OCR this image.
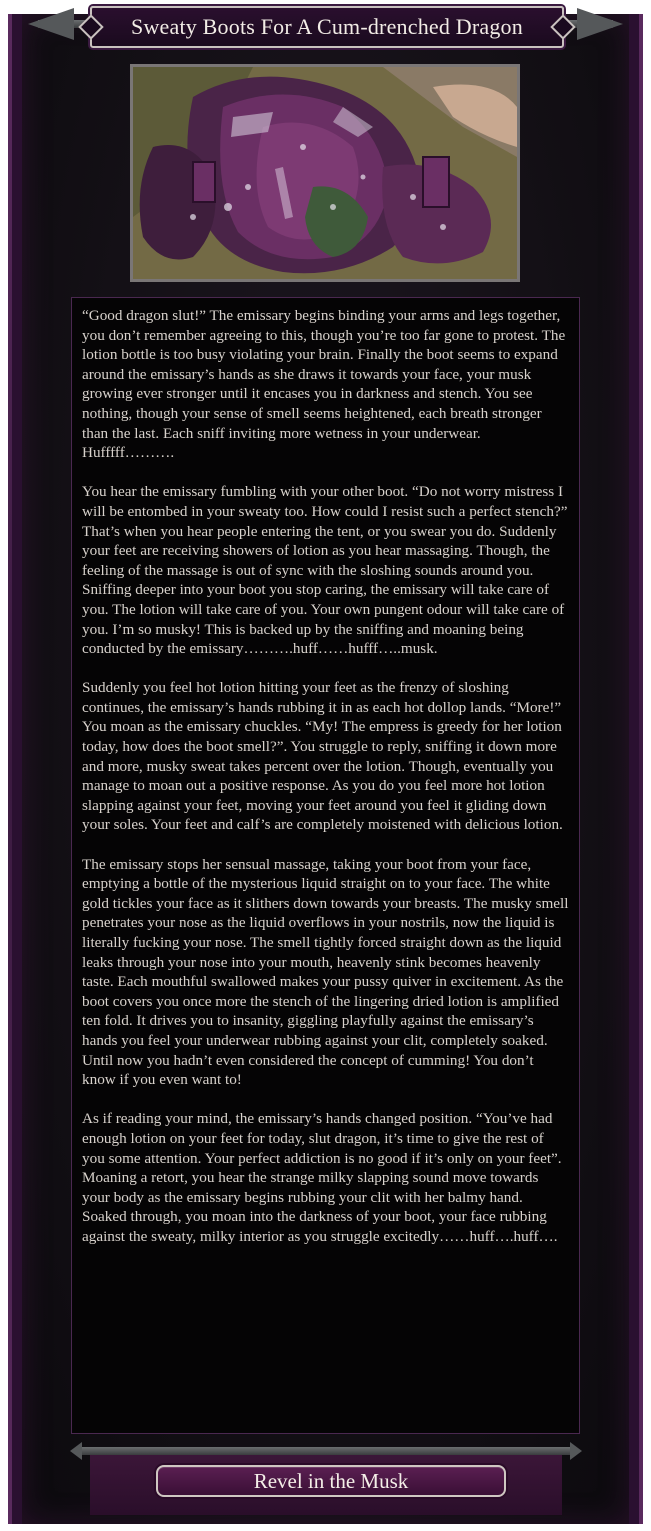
Sweaty Boots For A Cum-drenched Dragon

“Good dragon slut!” The emissary begins binding your arms and legs together, you don’t remember agreeing to this, though you’re too far gone to protest. The lotion bottle is too busy violating your brain. Finally the boot seems to expand around the emissary’s hands as she draws it towards your face, your musk growing ever stronger until it encases you in darkness and stench. You see nothing, though your sense of smell seems heightened, each breath stronger than the last. Each sniff inviting more wetness in your underwear. Hufffff……….

You hear the emissary fumbling with your other boot. “Do not worry mistress I will be entombed in your sweaty too. How could I resist such a perfect stench?” That’s when you hear people entering the tent, or you swear you do. Suddenly your feet are receiving showers of lotion as you hear massaging. Though, the feeling of the massage is out of sync with the sloshing sounds around you. Sniffing deeper into your boot you stop caring, the emissary will take care of you. The lotion will take care of you. Your own pungent odour will take care of you. I’m so musky! This is backed up by the sniffing and moaning being conducted by the emissary……….huff……hufff…..musk.

Suddenly you feel hot lotion hitting your feet as the frenzy of sloshing continues, the emissary’s hands rubbing it in as each hot dollop lands. “More!” You moan as the emissary chuckles. “My! The empress is greedy for her lotion today, how does the boot smell?”. You struggle to reply, sniffing it down more and more, musky sweat takes percent over the lotion. Though, eventually you manage to moan out a positive response. As you do you feel more hot lotion slapping against your feet, moving your feet around you feel it gliding down your soles. Your feet and calf’s are completely moistened with delicious lotion.

The emissary stops her sensual massage, taking your boot from your face, emptying a bottle of the mysterious liquid straight on to your face. The white gold tickles your face as it slithers down towards your breasts. The musky smell penetrates your nose as the liquid overflows in your nostrils, now the liquid is literally fucking your nose. The smell tightly forced straight down as the liquid leaks through your nose into your mouth, heavenly stink becomes heavenly taste. Each mouthful swallowed makes your pussy quiver in excitement. As the boot covers you once more the stench of the lingering dried lotion is amplified ten fold. It drives you to insanity, giggling playfully against the emissary’s hands you feel your underwear rubbing against your clit, completely soaked. Until now you hadn’t even considered the concept of cumming! You don’t know if you even want to!

As if reading your mind, the emissary’s hands changed position. “You’ve had enough lotion on your feet for today, slut dragon, it’s time to give the rest of you some attention. Your perfect addiction is no good if it’s only on your feet”. Moaning a retort, you hear the strange milky slapping sound move towards your body as the emissary begins rubbing your clit with her balmy hand. Soaked through, you moan into the darkness of your boot, your face rubbing against the sweaty, milky interior as you struggle excitedly……huff….huff….

Revel in the Musk
